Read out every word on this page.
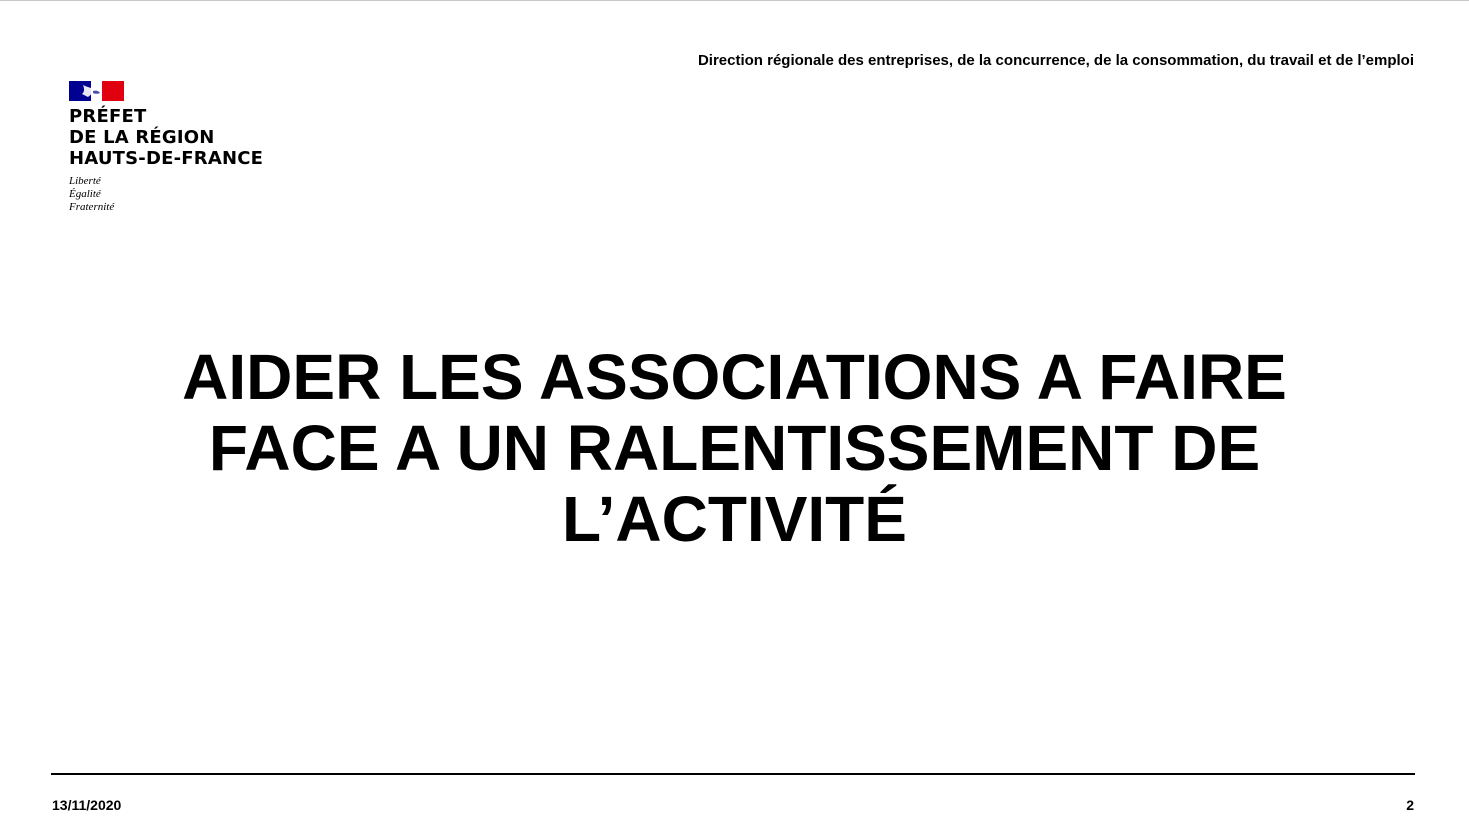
Direction régionale des entreprises, de la concurrence, de la consommation, du travail et de l’emploi
PRÉFET
DE LA RÉGION
HAUTS-DE-FRANCE
Liberté
Égalité
Fraternité
AIDER LES ASSOCIATIONS A FAIRE
FACE A UN RALENTISSEMENT DE
L’ACTIVITÉ
13/11/2020	2
